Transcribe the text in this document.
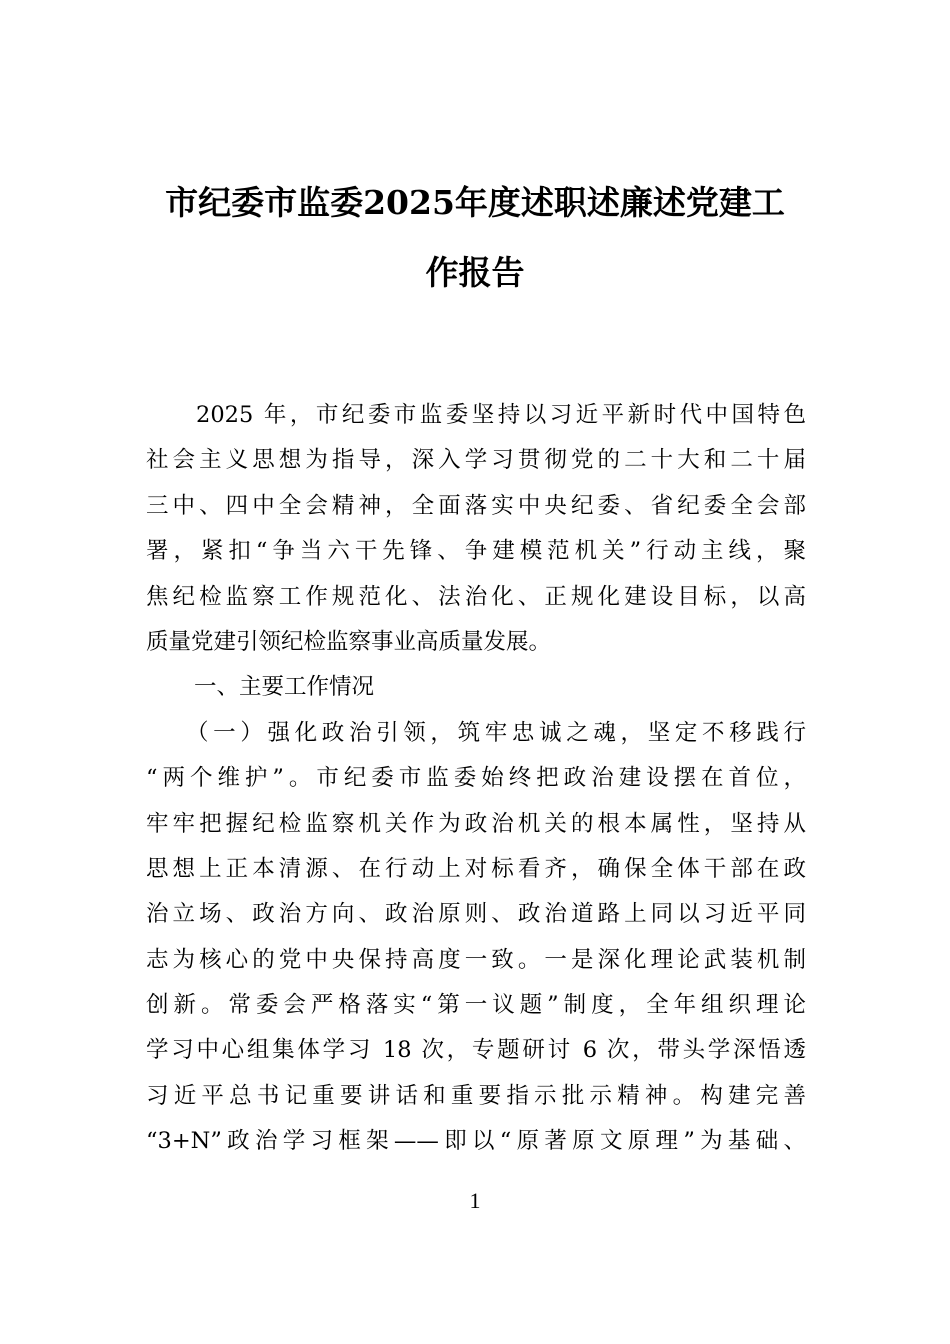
市纪委市监委2025年度述职述廉述党建工
作报告
2025 年，市纪委市监委坚持以习近平新时代中国特色
社会主义思想为指导，深入学习贯彻党的二十大和二十届
三中、四中全会精神，全面落实中央纪委、省纪委全会部
署，紧扣“争当六干先锋、争建模范机关”行动主线，聚
焦纪检监察工作规范化、法治化、正规化建设目标，以高
质量党建引领纪检监察事业高质量发展。
一、主要工作情况
（一）强化政治引领，筑牢忠诚之魂，坚定不移践行
“两个维护”。市纪委市监委始终把政治建设摆在首位，
牢牢把握纪检监察机关作为政治机关的根本属性，坚持从
思想上正本清源、在行动上对标看齐，确保全体干部在政
治立场、政治方向、政治原则、政治道路上同以习近平同
志为核心的党中央保持高度一致。一是深化理论武装机制
创新。常委会严格落实“第一议题”制度，全年组织理论
学习中心组集体学习 18 次，专题研讨 6 次，带头学深悟透
习近平总书记重要讲话和重要指示批示精神。构建完善
“3+N”政治学习框架——即以“原著原文原理”为基础、
1
